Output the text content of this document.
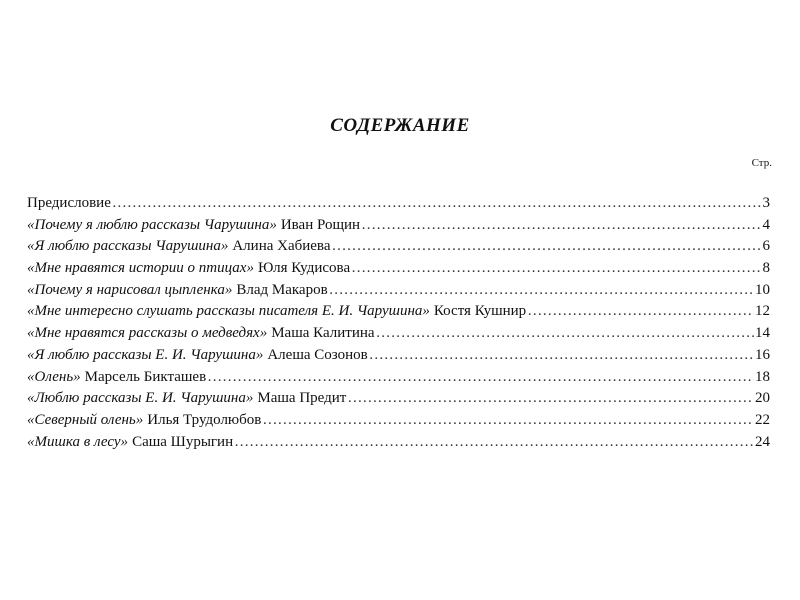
СОДЕРЖАНИЕ
Стр.
Предисловие ………………………………………………………………………………………………………………………………………………………………………………………	3
«Почему я люблю рассказы Чарушина» Иван Рощин ………………………………………………………………………………………………………………………………………………………………………………………	4
«Я люблю рассказы Чарушина» Алина Хабиева ………………………………………………………………………………………………………………………………………………………………………………………	6
«Мне нравятся истории о птицах» Юля Кудисова ………………………………………………………………………………………………………………………………………………………………………………………	8
«Почему я нарисовал цыпленка» Влад Макаров ………………………………………………………………………………………………………………………………………………………………………………………	10
«Мне интересно слушать рассказы писателя Е. И. Чарушина» Костя Кушнир ………………………………………………………………………………………………………………………………………………………………………………………	12
«Мне нравятся рассказы о медведях» Маша Калитина ………………………………………………………………………………………………………………………………………………………………………………………	14
«Я люблю рассказы Е. И. Чарушина» Алеша Созонов ………………………………………………………………………………………………………………………………………………………………………………………	16
«Олень» Марсель Бикташев ………………………………………………………………………………………………………………………………………………………………………………………	18
«Люблю рассказы Е. И. Чарушина» Маша Предит ………………………………………………………………………………………………………………………………………………………………………………………	20
«Северный олень» Илья Трудолюбов ………………………………………………………………………………………………………………………………………………………………………………………	22
«Мишка в лесу» Саша Шурыгин ………………………………………………………………………………………………………………………………………………………………………………………	24
